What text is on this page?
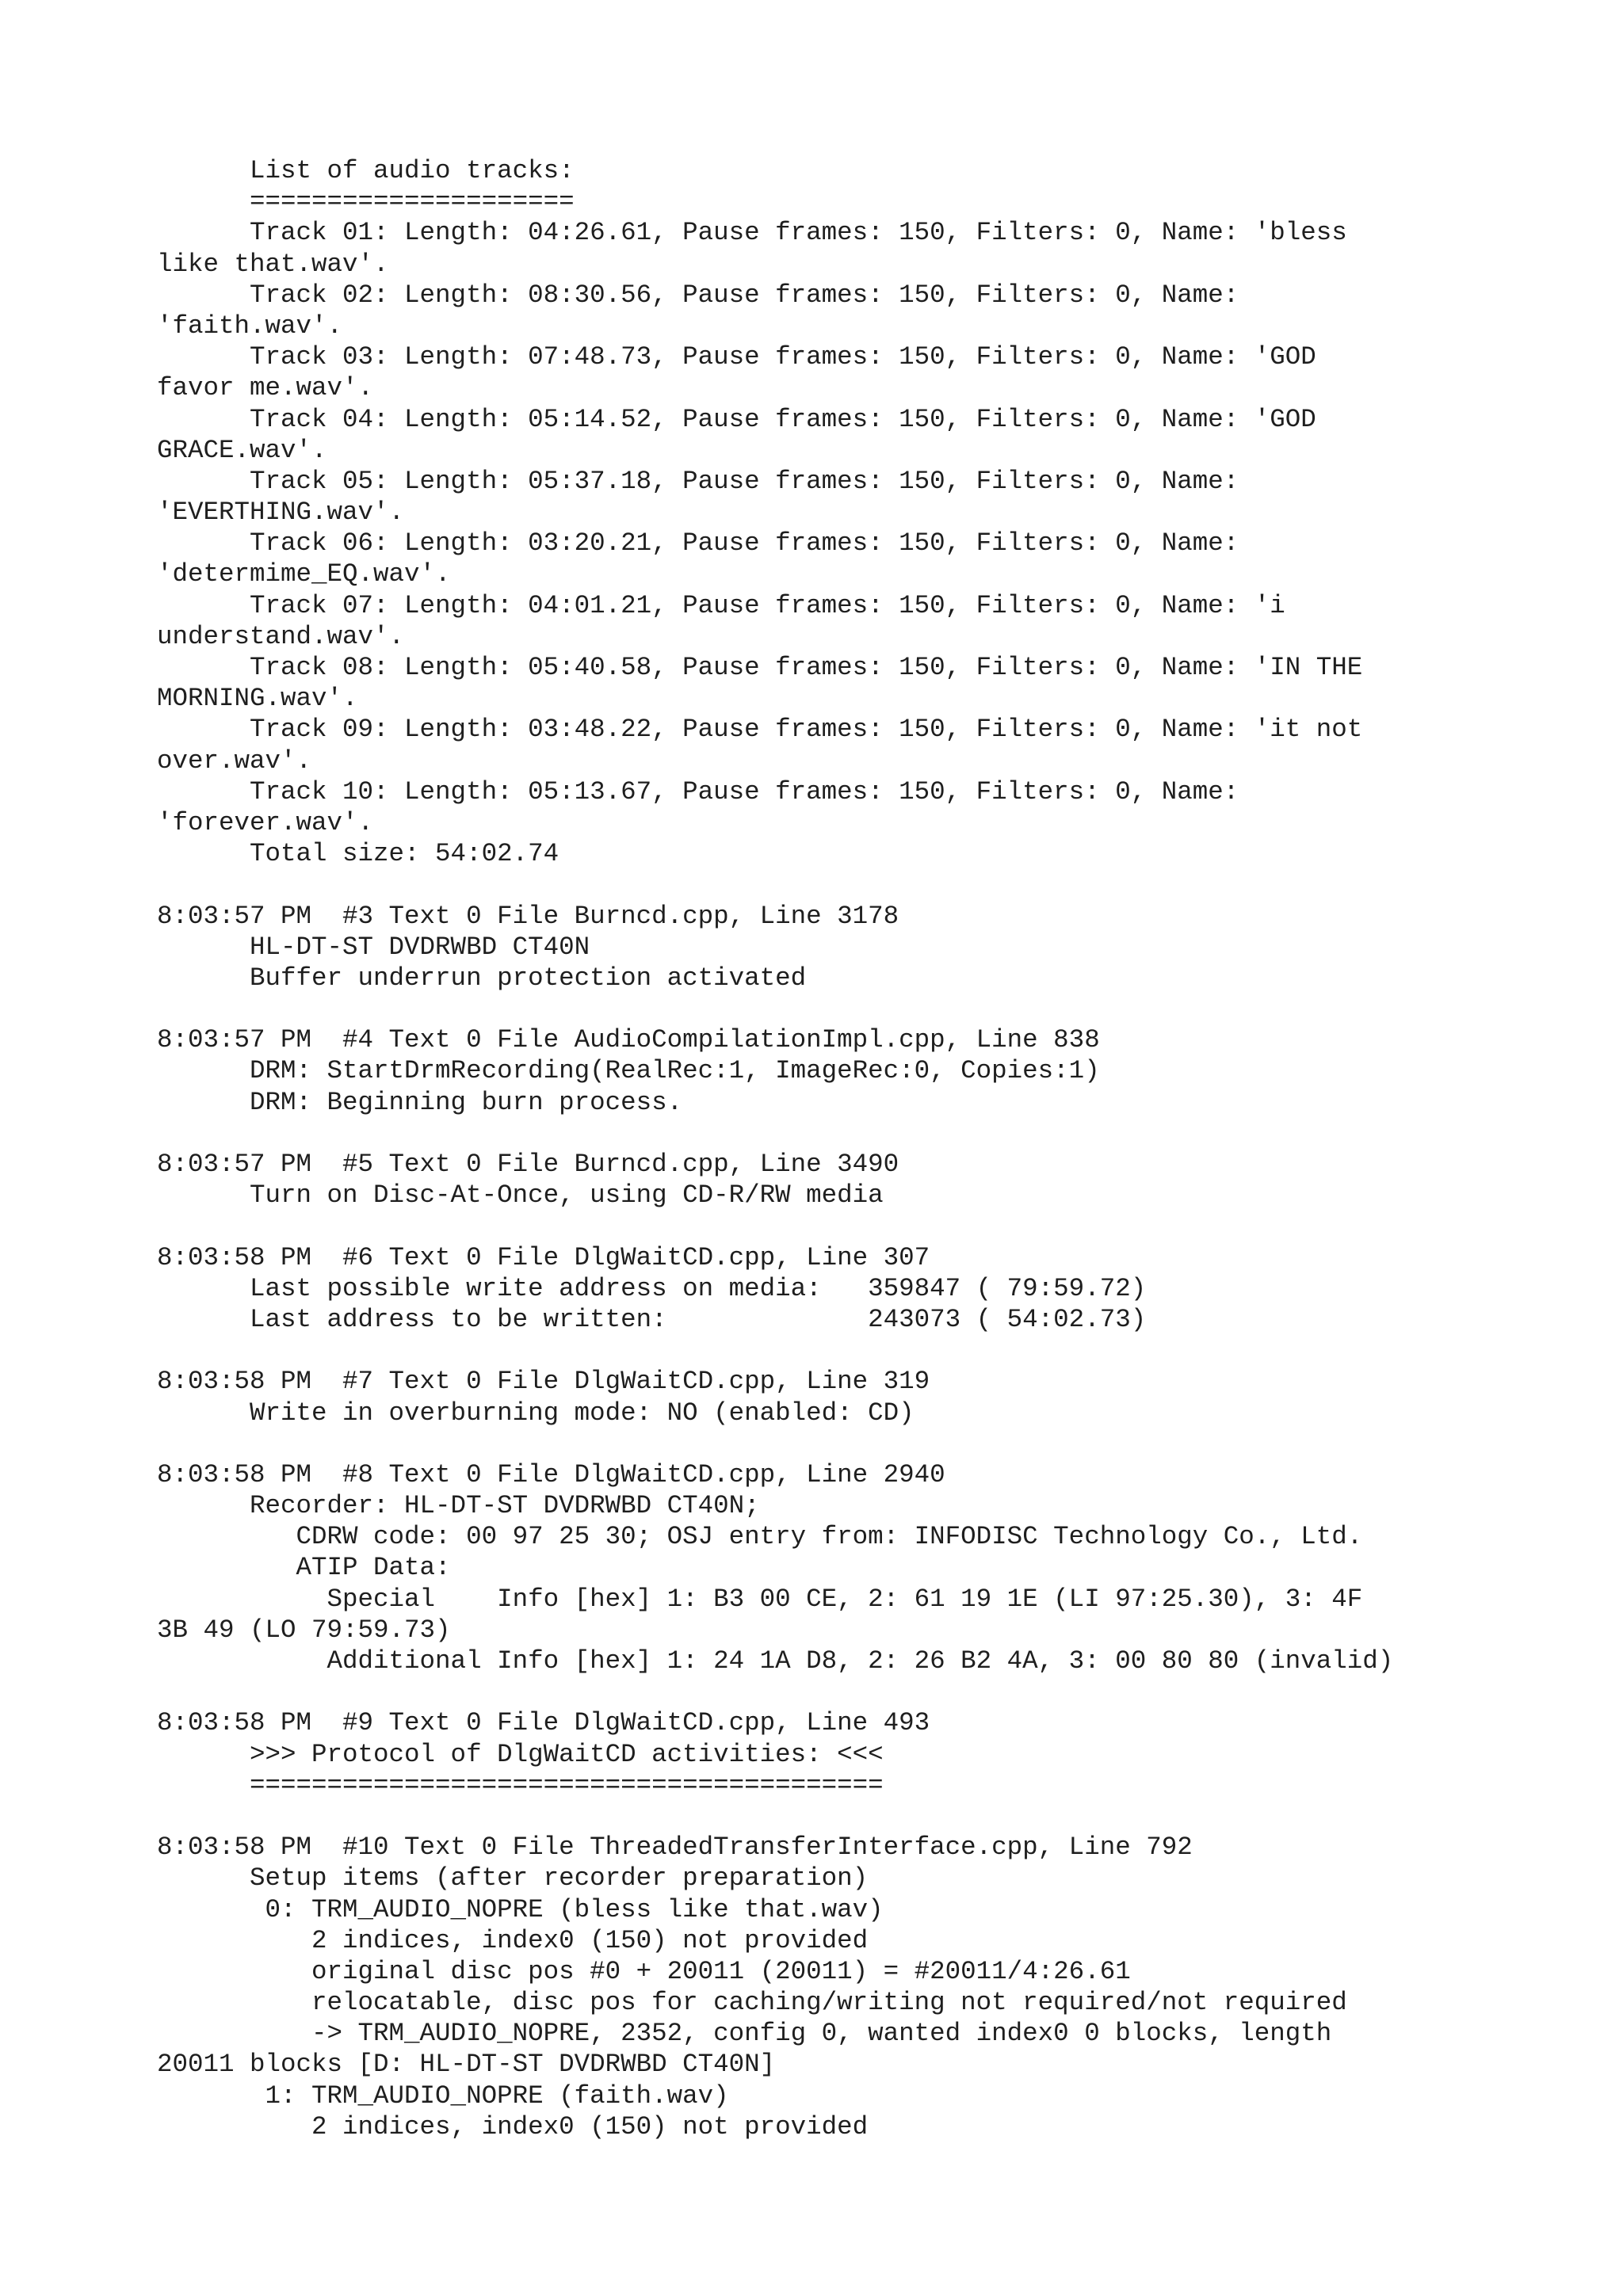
List of audio tracks:
=====================
Track 01: Length: 04:26.61, Pause frames: 150, Filters: 0, Name: 'bless
like that.wav'.
Track 02: Length: 08:30.56, Pause frames: 150, Filters: 0, Name:
'faith.wav'.
Track 03: Length: 07:48.73, Pause frames: 150, Filters: 0, Name: 'GOD
favor me.wav'.
Track 04: Length: 05:14.52, Pause frames: 150, Filters: 0, Name: 'GOD
GRACE.wav'.
Track 05: Length: 05:37.18, Pause frames: 150, Filters: 0, Name:
'EVERTHING.wav'.
Track 06: Length: 03:20.21, Pause frames: 150, Filters: 0, Name:
'determime_EQ.wav'.
Track 07: Length: 04:01.21, Pause frames: 150, Filters: 0, Name: 'i
understand.wav'.
Track 08: Length: 05:40.58, Pause frames: 150, Filters: 0, Name: 'IN THE
MORNING.wav'.
Track 09: Length: 03:48.22, Pause frames: 150, Filters: 0, Name: 'it not
over.wav'.
Track 10: Length: 05:13.67, Pause frames: 150, Filters: 0, Name:
'forever.wav'.
Total size: 54:02.74
8:03:57 PM  #3 Text 0 File Burncd.cpp, Line 3178
HL-DT-ST DVDRWBD CT40N
Buffer underrun protection activated
8:03:57 PM  #4 Text 0 File AudioCompilationImpl.cpp, Line 838
DRM: StartDrmRecording(RealRec:1, ImageRec:0, Copies:1)
DRM: Beginning burn process.
8:03:57 PM  #5 Text 0 File Burncd.cpp, Line 3490
Turn on Disc-At-Once, using CD-R/RW media
8:03:58 PM  #6 Text 0 File DlgWaitCD.cpp, Line 307
Last possible write address on media:   359847 ( 79:59.72)
Last address to be written:             243073 ( 54:02.73)
8:03:58 PM  #7 Text 0 File DlgWaitCD.cpp, Line 319
Write in overburning mode: NO (enabled: CD)
8:03:58 PM  #8 Text 0 File DlgWaitCD.cpp, Line 2940
Recorder: HL-DT-ST DVDRWBD CT40N;
CDRW code: 00 97 25 30; OSJ entry from: INFODISC Technology Co., Ltd.
ATIP Data:
Special    Info [hex] 1: B3 00 CE, 2: 61 19 1E (LI 97:25.30), 3: 4F
3B 49 (LO 79:59.73)
Additional Info [hex] 1: 24 1A D8, 2: 26 B2 4A, 3: 00 80 80 (invalid)
8:03:58 PM  #9 Text 0 File DlgWaitCD.cpp, Line 493
>>> Protocol of DlgWaitCD activities: <<<
=========================================
8:03:58 PM  #10 Text 0 File ThreadedTransferInterface.cpp, Line 792
Setup items (after recorder preparation)
0: TRM_AUDIO_NOPRE (bless like that.wav)
2 indices, index0 (150) not provided
original disc pos #0 + 20011 (20011) = #20011/4:26.61
relocatable, disc pos for caching/writing not required/not required
-> TRM_AUDIO_NOPRE, 2352, config 0, wanted index0 0 blocks, length
20011 blocks [D: HL-DT-ST DVDRWBD CT40N]
1: TRM_AUDIO_NOPRE (faith.wav)
2 indices, index0 (150) not provided
